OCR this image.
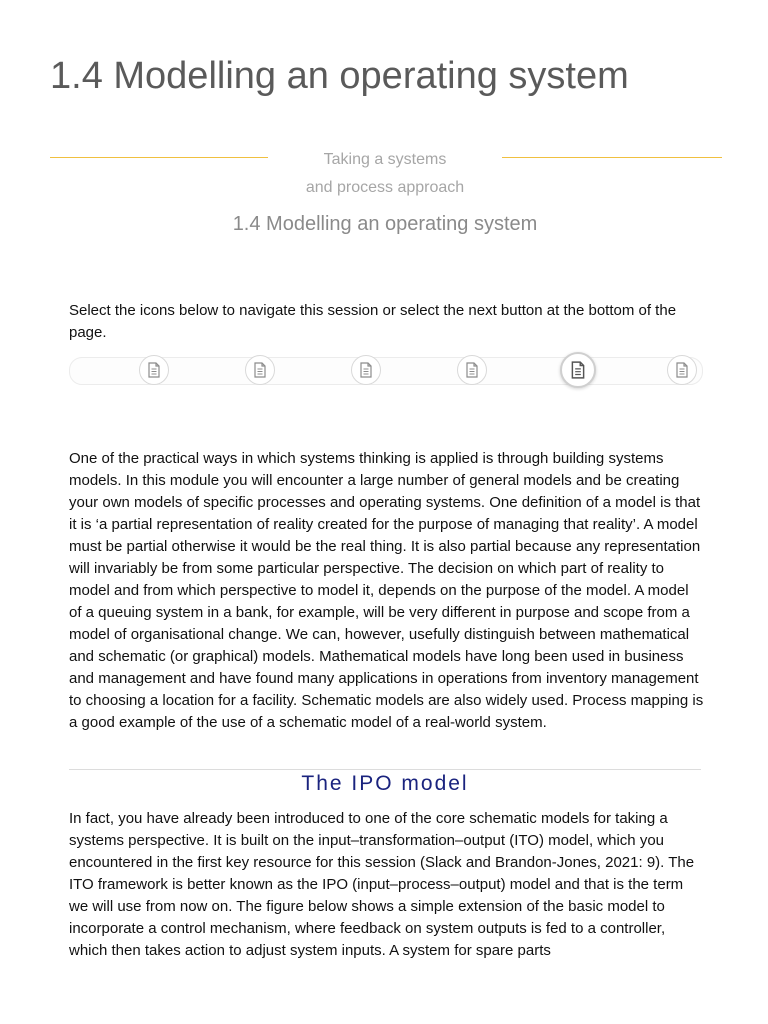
1.4 Modelling an operating system
Taking a systems
and process approach
1.4 Modelling an operating system

Select the icons below to navigate this session or select the next button at the bottom of the page.

One of the practical ways in which systems thinking is applied is through building systems models. In this module you will encounter a large number of general models and be creating your own models of specific processes and operating systems. One definition of a model is that it is ‘a partial representation of reality created for the purpose of managing that reality’. A model must be partial otherwise it would be the real thing. It is also partial because any representation will invariably be from some particular perspective. The decision on which part of reality to model and from which perspective to model it, depends on the purpose of the model. A model of a queuing system in a bank, for example, will be very different in purpose and scope from a model of organisational change. We can, however, usefully distinguish between mathematical and schematic (or graphical) models. Mathematical models have long been used in business and management and have found many applications in operations from inventory management to choosing a location for a facility. Schematic models are also widely used. Process mapping is a good example of the use of a schematic model of a real-world system.

The IPO model

In fact, you have already been introduced to one of the core schematic models for taking a systems perspective. It is built on the input–transformation–output (ITO) model, which you encountered in the first key resource for this session (Slack and Brandon-Jones, 2021: 9). The ITO framework is better known as the IPO (input–process–output) model and that is the term we will use from now on. The figure below shows a simple extension of the basic model to incorporate a control mechanism, where feedback on system outputs is fed to a controller, which then takes action to adjust system inputs. A system for spare parts
